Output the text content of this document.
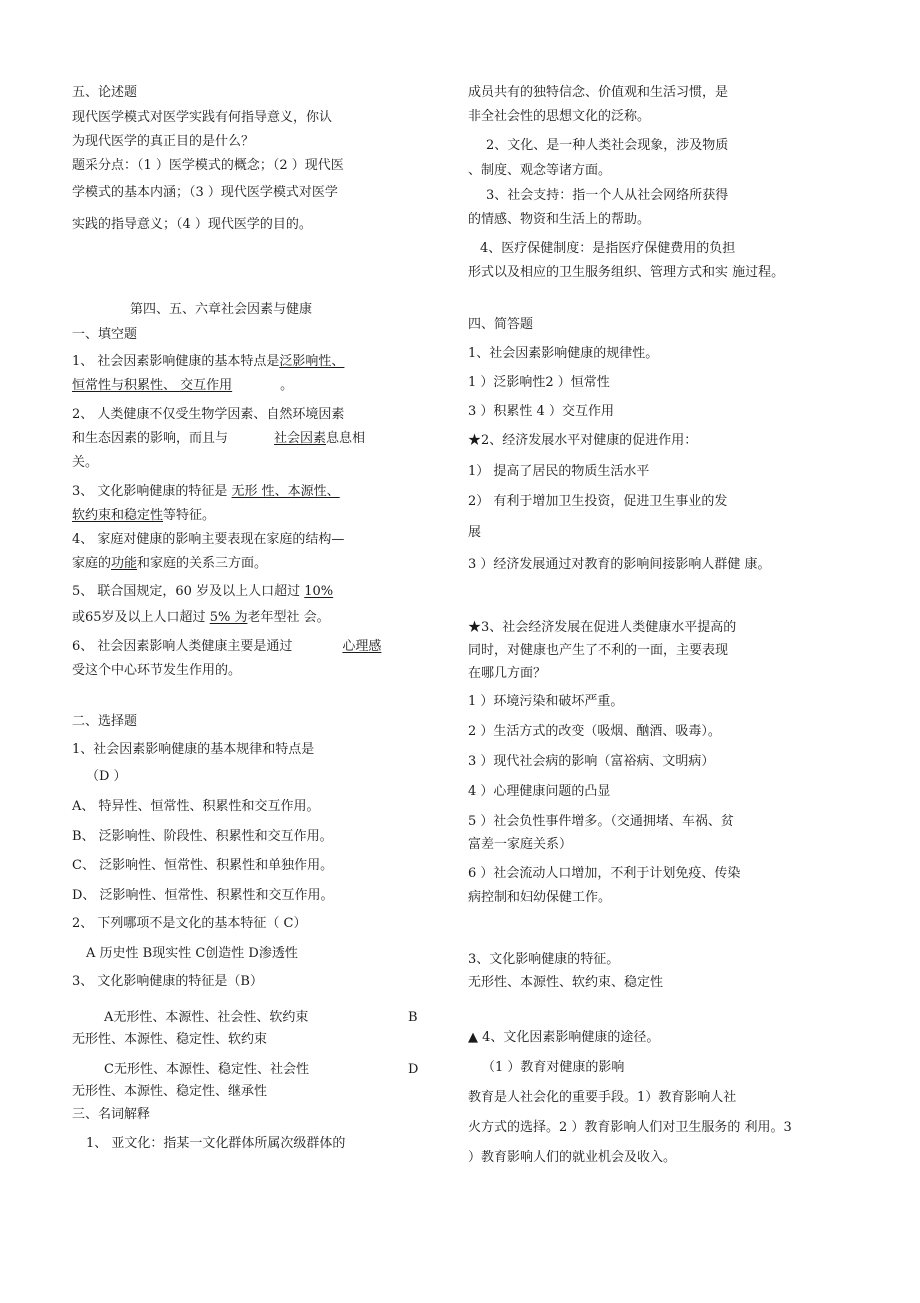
五、论述题
现代医学模式对医学实践有何指导意义，你认
为现代医学的真正目的是什么？
题采分点：（1 ）医学模式的概念；（2 ）现代医
学模式的基本内涵；（3 ）现代医学模式对医学
实践的指导意义；（4 ）现代医学的目的。
第四、五、六章社会因素与健康
一、填空题
1、 社会因素影响健康的基本特点是泛影响性、
恒常性与积累性、 交互作用	。
2、 人类健康不仅受生物学因素、自然环境因素
和生态因素的影响，而且与	社会因素息息相
关。
3、 文化影响健康的特征是 无形 性、本源性、
软约束和稳定性等特征。
4、 家庭对健康的影响主要表现在家庭的结构—
家庭的功能和家庭的关系三方面。
5、 联合国规定，60 岁及以上人口超过 10%
或65岁及以上人口超过 5% 为老年型社 会。
6、 社会因素影响人类健康主要是通过	心理感
受这个中心环节发生作用的。
二、选择题
1、社会因素影响健康的基本规律和特点是
（D ）
A、 特异性、恒常性、积累性和交互作用。
B、 泛影响性、阶段性、积累性和交互作用。
C、 泛影响性、恒常性、积累性和单独作用。
D、 泛影响性、恒常性、积累性和交互作用。
2、 下列哪项不是文化的基本特征（ C）
A 历史性 B现实性 C创造性 D渗透性
3、 文化影响健康的特征是（B）
A无形性、本源性、社会性、软约束	B
无形性、本源性、稳定性、软约束
C无形性、本源性、稳定性、社会性	D
无形性、本源性、稳定性、继承性
三、名词解释
1、 亚文化：指某一文化群体所属次级群体的
成员共有的独特信念、价值观和生活习惯，是
非全社会性的思想文化的泛称。
2、文化、是一种人类社会现象，涉及物质
、制度、观念等诸方面。
3、社会支持：指一个人从社会网络所获得
的情感、物资和生活上的帮助。
4、医疗保健制度：是指医疗保健费用的负担
形式以及相应的卫生服务组织、管理方式和实 施过程。
四、简答题
1、社会因素影响健康的规律性。
1 ）泛影响性2 ）恒常性
3 ）积累性 4 ）交互作用
★2、经济发展水平对健康的促进作用：
1） 提高了居民的物质生活水平
2） 有利于增加卫生投资，促进卫生事业的发
展
3 ）经济发展通过对教育的影响间接影响人群健 康。
★3、社会经济发展在促进人类健康水平提高的
同时，对健康也产生了不利的一面，主要表现
在哪几方面？
1 ）环境污染和破坏严重。
2 ）生活方式的改变（吸烟、酗酒、吸毒）。
3 ）现代社会病的影响（富裕病、文明病）
4 ）心理健康问题的凸显
5 ）社会负性事件增多。（交通拥堵、车祸、贫
富差一家庭关系）
6 ）社会流动人口增加，不利于计划免疫、传染
病控制和妇幼保健工作。
3、文化影响健康的特征。
无形性、本源性、软约束、稳定性
▲ 4、文化因素影响健康的途径。
（1 ）教育对健康的影响
教育是人社会化的重要手段。1）教育影响人社
火方式的选择。2 ）教育影响人们对卫生服务的 利用。3
）教育影响人们的就业机会及收入。
